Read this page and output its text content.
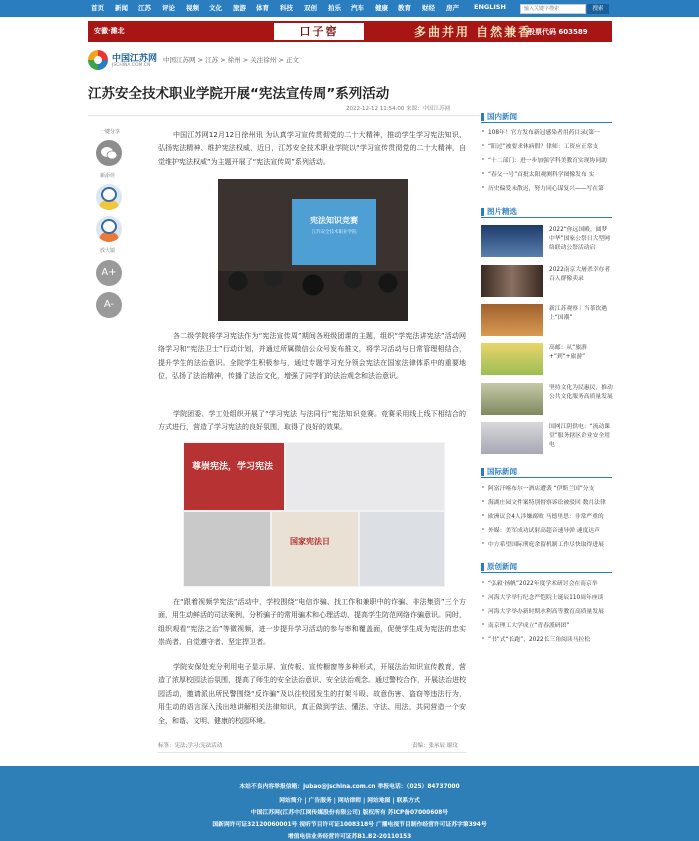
首页 新闻 江苏 评论 视频 文化 旅游 体育 科技 双创 拍乐 汽车 健康 教育 财经 房产 ENGLISH
输入关键字搜索	搜索
安徽·濉北	口子窖	多曲并用 自然兼香
股票代码 603589
中国江苏网
JSCHINA.COM.CN
中国江苏网 > 江苏 > 徐州 > 关注徐州 > 正文
江苏安全技术职业学院开展“宪法宣传周”系列活动
2022-12-12 11:54:00 来源：中国江苏网
一键分享
新添佳
放大镜
A+
A-

中国江苏网12月12日徐州讯 为认真学习宣传贯彻党的二十大精神，推动学生学习宪法知识、弘扬宪法精神、维护宪法权威，近日，江苏安全技术职业学院以“学习宣传贯彻党的二十大精神，自觉维护宪法权威”为主题开展了“宪法宣传周”系列活动。

各二级学院将学习宪法作为“宪法宣传周”期间各班级团课的主题，组织“学宪法讲宪法”活动网络学习和“宪法卫士”行动计划，并通过所属微信公众号发布推文，将学习活动与日常管理相结合，提升学生的法治意识。全院学生积极参与，通过专题学习充分领会宪法在国家法律体系中的重要地位，弘扬了法治精神，传播了法治文化，增强了同学们的法治观念和法治意识。

学院团委、学工处组织开展了“学习宪法 与法同行”宪法知识竞赛。竞赛采用线上线下相结合的方式进行，营造了学习宪法的良好氛围，取得了良好的效果。

在“跟着视频学宪法”活动中，学校围绕“电信诈骗、找工作和兼职中的诈骗、非法集资”三个方面，用生动鲜活的司法案例，分析骗子的常用骗术和心理活动，提高学生防范网络诈骗意识。同时，组织观看“宪法之治”等微视频，进一步提升学习活动的参与率和覆盖面，促使学生成为宪法的忠实崇尚者、自觉遵守者、坚定捍卫者。

学院安保处充分利用电子显示屏、宣传板、宣传橱窗等多种形式，开展法治知识宣传教育，营造了浓厚校园法治氛围，提高了师生的安全法治意识、安全法治观念。通过警校合作，开展法治进校园活动，邀请派出所民警围绕“反诈骗”及以往校园发生的打架斗殴、故意伤害、盗窃等违法行为，用生动的语言深入浅出地讲解相关法律知识，真正做到学法、懂法、守法、用法，共同营造一个安全、和谐、文明、健康的校园环境。

宪法知识竞赛
江苏安全技术职业学院
尊崇宪法，学习宪法
国家宪法日
标签：宪法;学习;宪法活动	责编：张承辰 谢玟
国内新闻
108年！官方发布新冠感染者用药目录(第一
“阳过”被要求休病假？律师：工资应正常支
“十二部门：进一步加强学科美教育实现协同助
“春父一号”首批太阳观测科学图像发布 实
历史偏爱未散迟，努力同心谋复兴——写在第
图片精选
2022“你远国殿，圆梦中华”国家公祭日大型网络联动公祭活动启
2022南京大屠杀幸存者百人群像卖录
新江苏观察｜当茶饮遇上“国潮”
高邮：从“旅游+”到“+旅游”
坚持文化为民惠民，推动公共文化服务高质量发展
国网江阴供电：“流动课堂”服务辖区企业安全用电
国际新闻
阿富汗喀布尔一酒店遭袭 “伊斯兰国”分支
海湖庄园文件案特别督察诉讼被驳回 数月法律
欧洲议会4人涉嫌腐败 马德里思：非常严重的
外媒：美军成功试射高超音速导弹 速度达声
中方希望国际刑庭余留机制工作尽快取得进展
原创新闻
“弘毅·扬帆”2022年度学术研讨会在南京举
河海大学举行纪念严恺院士诞辰110周年座谈
河海大学举办新时期水利高等教育高质量发展
南京理工大学成立“青春派研团”
“书”式“长跑”，2022长三角阅读马拉松
本站不良内容举报信箱：jubao@jschina.com.cn 举报电话：（025）84737000
网站简介 | 广告服务 | 网站律师 | 网站地图 | 联系方式
中国江苏网(江苏中江网传媒股份有限公司) 版权所有 苏ICP备07000608号
国新网许可证32120060001号 视听节目许可证1008318号 广播电视节目制作经营许可证苏字第394号
增值电信业务经营许可证苏B1.B2-20110153
